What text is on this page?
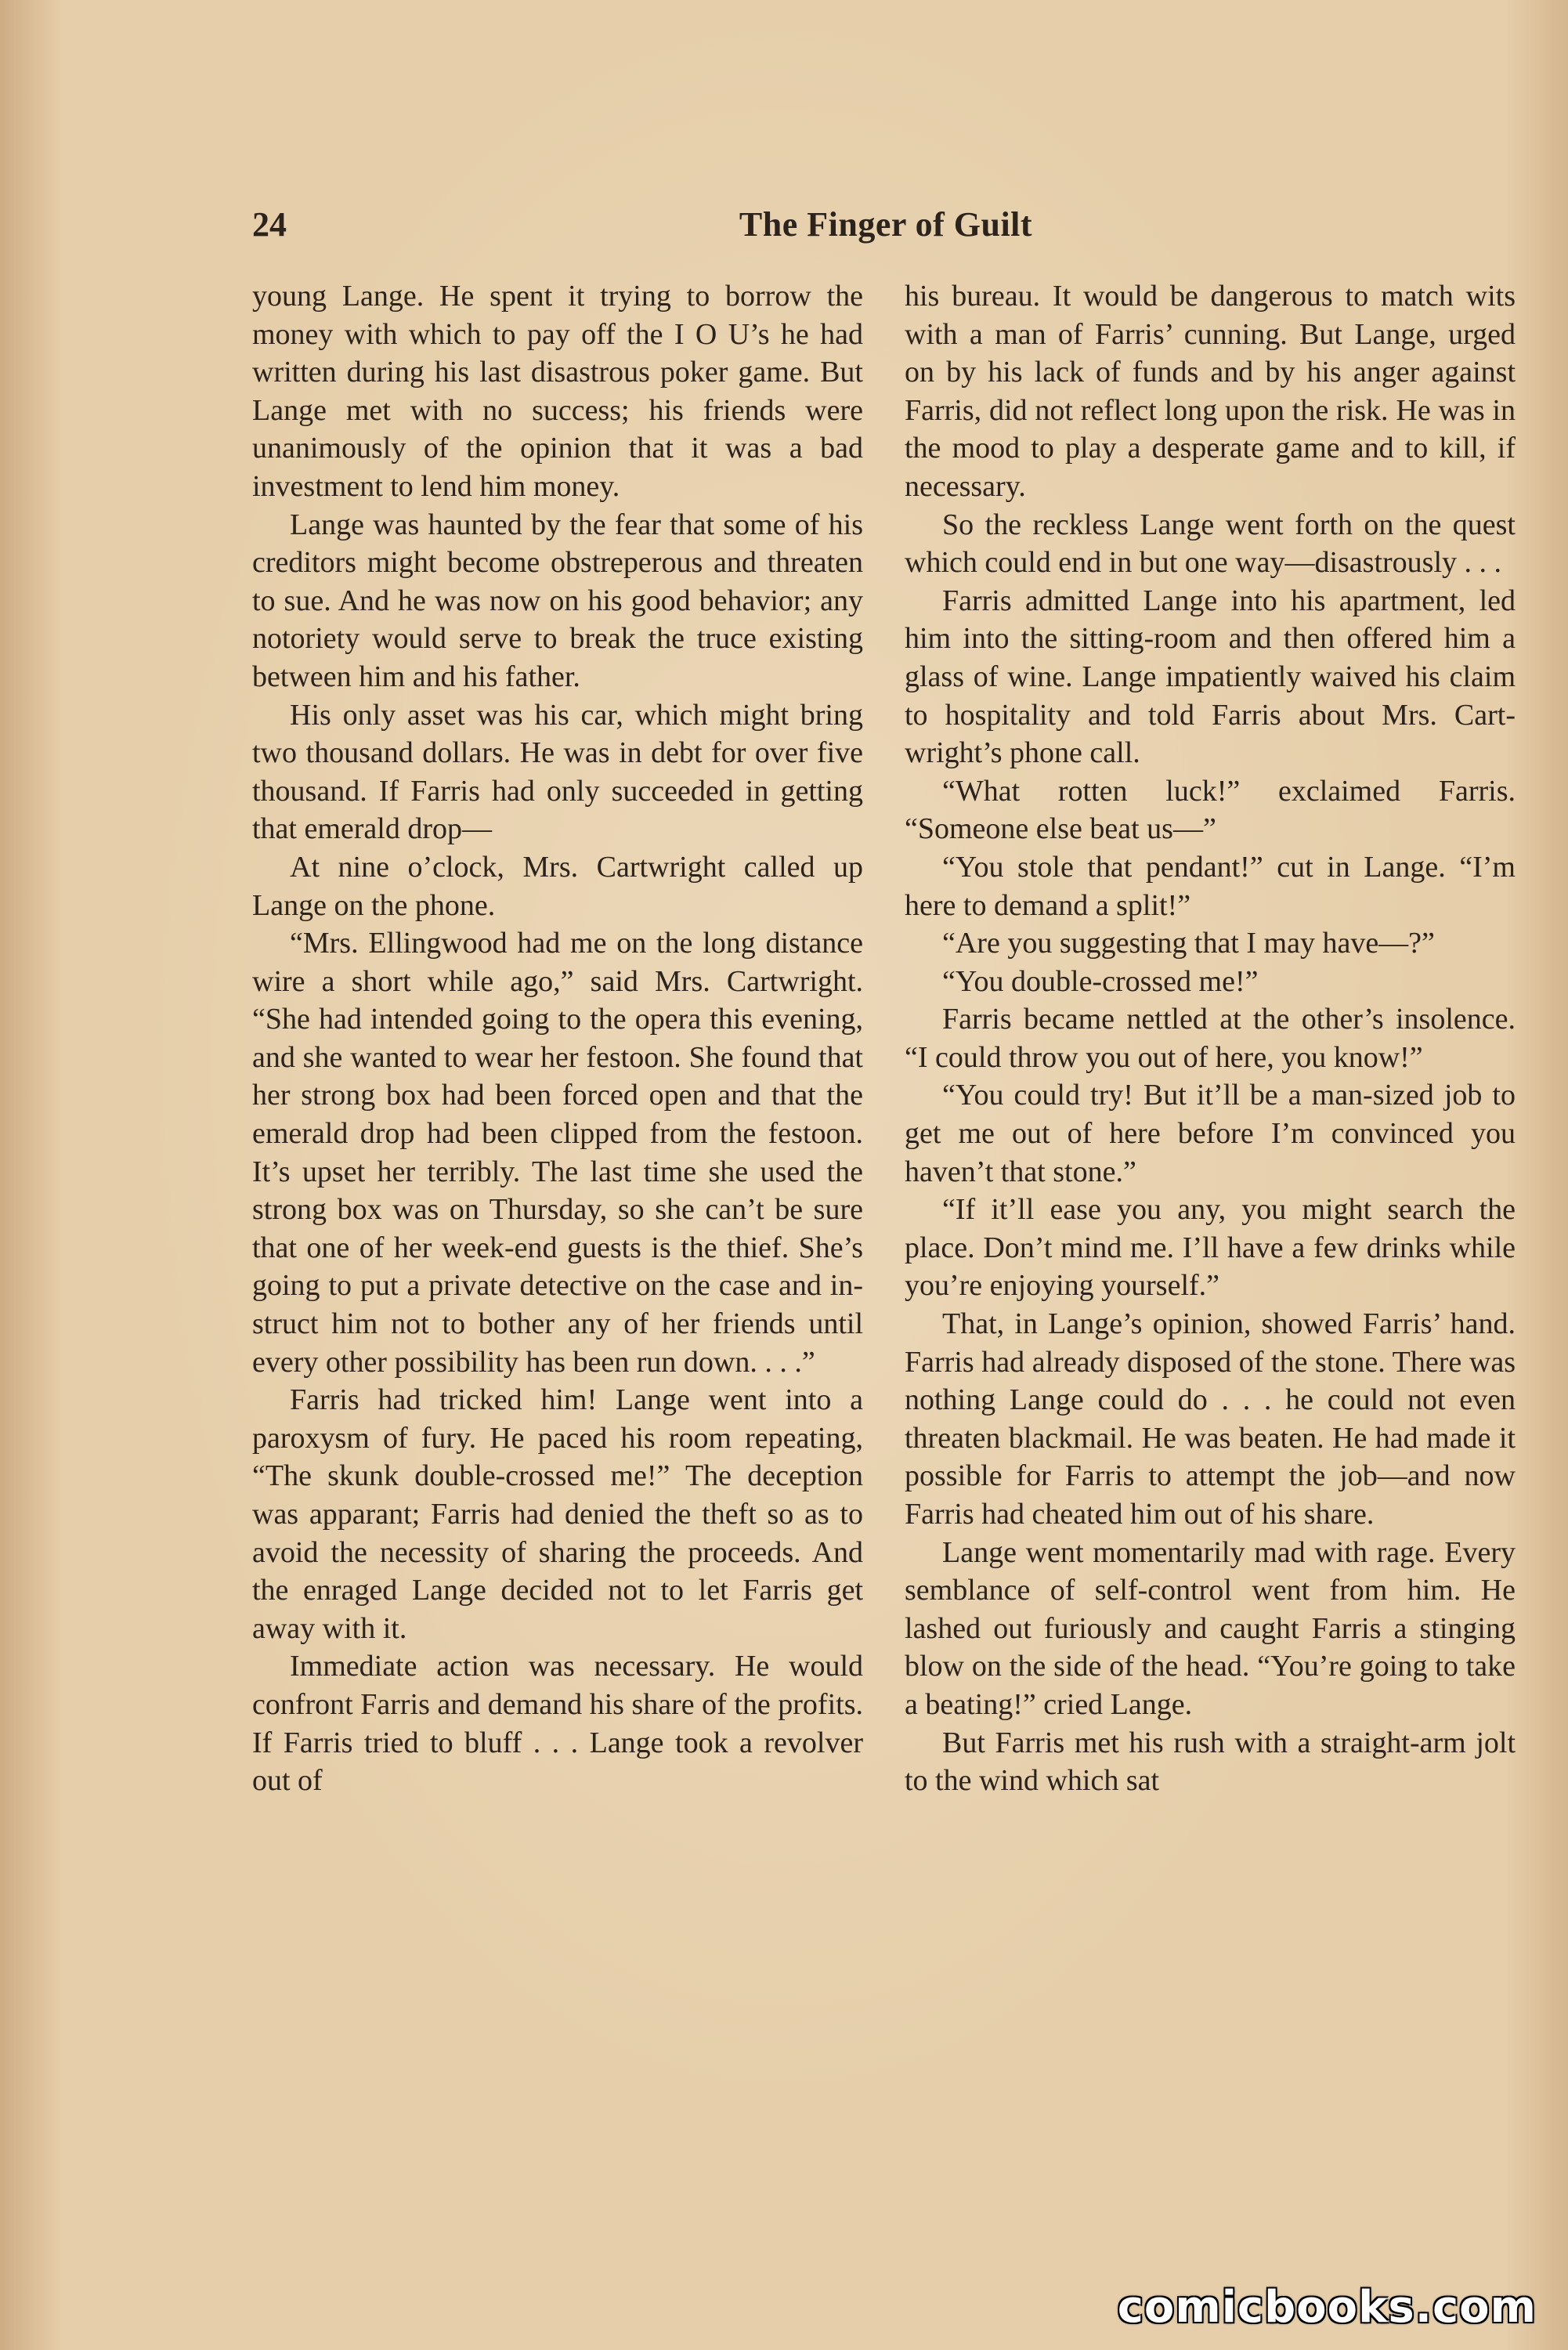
24	The Finger of Guilt

young Lange. He spent it trying to borrow the money with which to pay off the I O U’s he had written during his last disastrous poker game. But Lange met with no success; his friends were unanimously of the opinion that it was a bad investment to lend him money.

Lange was haunted by the fear that some of his creditors might become obstreperous and threaten to sue. And he was now on his good behavior; any notoriety would serve to break the truce existing between him and his father.

His only asset was his car, which might bring two thousand dollars. He was in debt for over five thousand. If Farris had only succeeded in getting that emerald drop—

At nine o’clock, Mrs. Cartwright called up Lange on the phone.

“Mrs. Ellingwood had me on the long distance wire a short while ago,” said Mrs. Cartwright. “She had intended going to the opera this evening, and she wanted to wear her festoon. She found that her strong box had been forced open and that the emerald drop had been clipped from the festoon. It’s upset her terribly. The last time she used the strong box was on Thursday, so she can’t be sure that one of her week-end guests is the thief. She’s going to put a private detective on the case and instruct him not to bother any of her friends until every other possibility has been run down. . . .”

Farris had tricked him! Lange went into a paroxysm of fury. He paced his room repeating, “The skunk double-crossed me!” The deception was apparant; Farris had denied the theft so as to avoid the necessity of sharing the proceeds. And the enraged Lange decided not to let Farris get away with it.

Immediate action was necessary. He would confront Farris and demand his share of the profits. If Farris tried to bluff . . . Lange took a revolver out of

his bureau. It would be dangerous to match wits with a man of Farris’ cunning. But Lange, urged on by his lack of funds and by his anger against Farris, did not reflect long upon the risk. He was in the mood to play a desperate game and to kill, if necessary.

So the reckless Lange went forth on the quest which could end in but one way—disastrously . . .

Farris admitted Lange into his apartment, led him into the sitting-room and then offered him a glass of wine. Lange impatiently waived his claim to hospitality and told Farris about Mrs. Cartwright’s phone call.

“What rotten luck!” exclaimed Farris. “Someone else beat us—”

“You stole that pendant!” cut in Lange. “I’m here to demand a split!”

“Are you suggesting that I may have—?”

“You double-crossed me!”

Farris became nettled at the other’s insolence. “I could throw you out of here, you know!”

“You could try! But it’ll be a man-sized job to get me out of here before I’m convinced you haven’t that stone.”

“If it’ll ease you any, you might search the place. Don’t mind me. I’ll have a few drinks while you’re enjoying yourself.”

That, in Lange’s opinion, showed Farris’ hand. Farris had already disposed of the stone. There was nothing Lange could do . . . he could not even threaten blackmail. He was beaten. He had made it possible for Farris to attempt the job—and now Farris had cheated him out of his share.

Lange went momentarily mad with rage. Every semblance of self-control went from him. He lashed out furiously and caught Farris a stinging blow on the side of the head. “You’re going to take a beating!” cried Lange.

But Farris met his rush with a straight-arm jolt to the wind which sat

comicbooks.com
